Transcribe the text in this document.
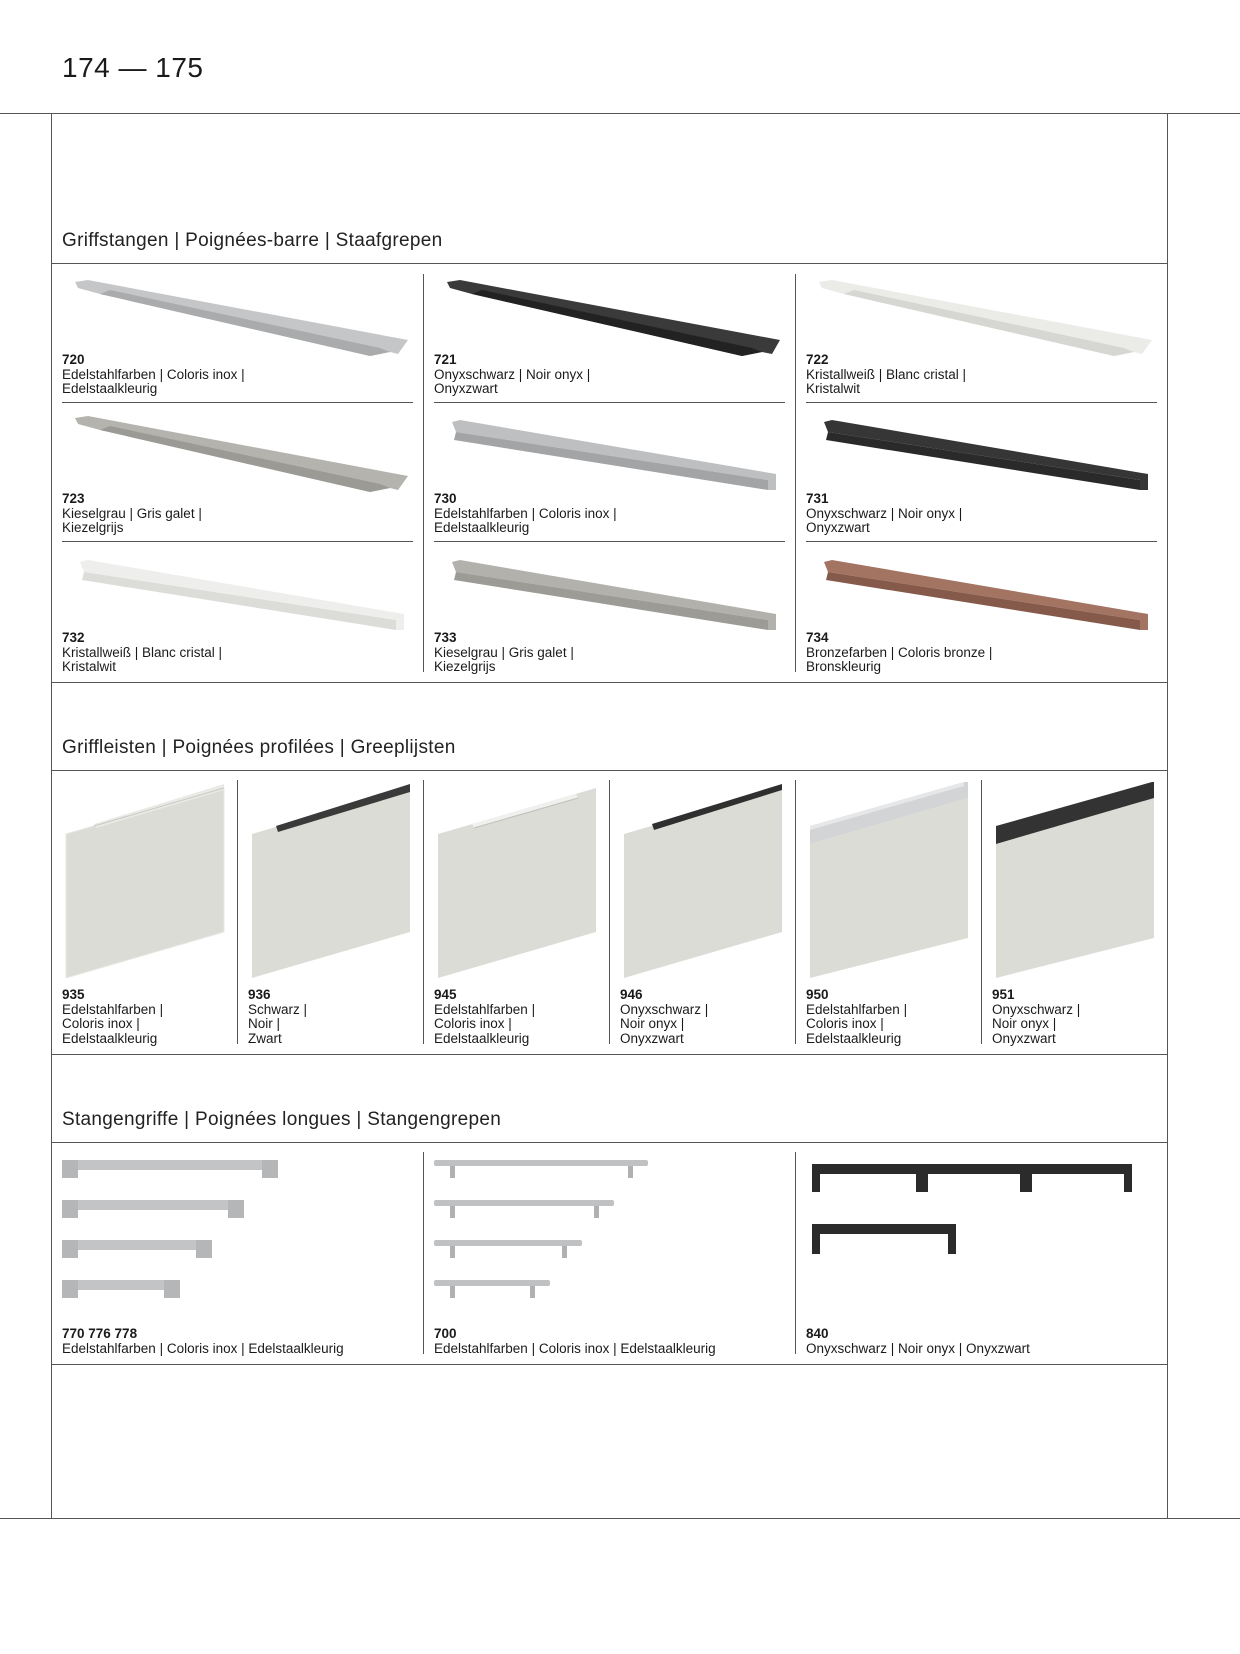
174 — 175
Griffstangen | Poignées-barre | Staafgrepen
720
Edelstahlfarben | Coloris inox |
Edelstaalkleurig
721
Onyxschwarz | Noir onyx |
Onyxzwart
722
Kristallweiß | Blanc cristal |
Kristalwit
723
Kieselgrau | Gris galet |
Kiezelgrijs
730
Edelstahlfarben | Coloris inox |
Edelstaalkleurig
731
Onyxschwarz | Noir onyx |
Onyxzwart
732
Kristallweiß | Blanc cristal |
Kristalwit
733
Kieselgrau | Gris galet |
Kiezelgrijs
734
Bronzefarben | Coloris bronze |
Bronskleurig
Griffleisten | Poignées profilées | Greeplijsten
935
Edelstahlfarben |
Coloris inox |
Edelstaalkleurig
936
Schwarz |
Noir |
Zwart
945
Edelstahlfarben |
Coloris inox |
Edelstaalkleurig
946
Onyxschwarz |
Noir onyx |
Onyxzwart
950
Edelstahlfarben |
Coloris inox |
Edelstaalkleurig
951
Onyxschwarz |
Noir onyx |
Onyxzwart
Stangengriffe | Poignées longues | Stangengrepen
770 776 778
Edelstahlfarben | Coloris inox | Edelstaalkleurig
700
Edelstahlfarben | Coloris inox | Edelstaalkleurig
840
Onyxschwarz | Noir onyx | Onyxzwart
